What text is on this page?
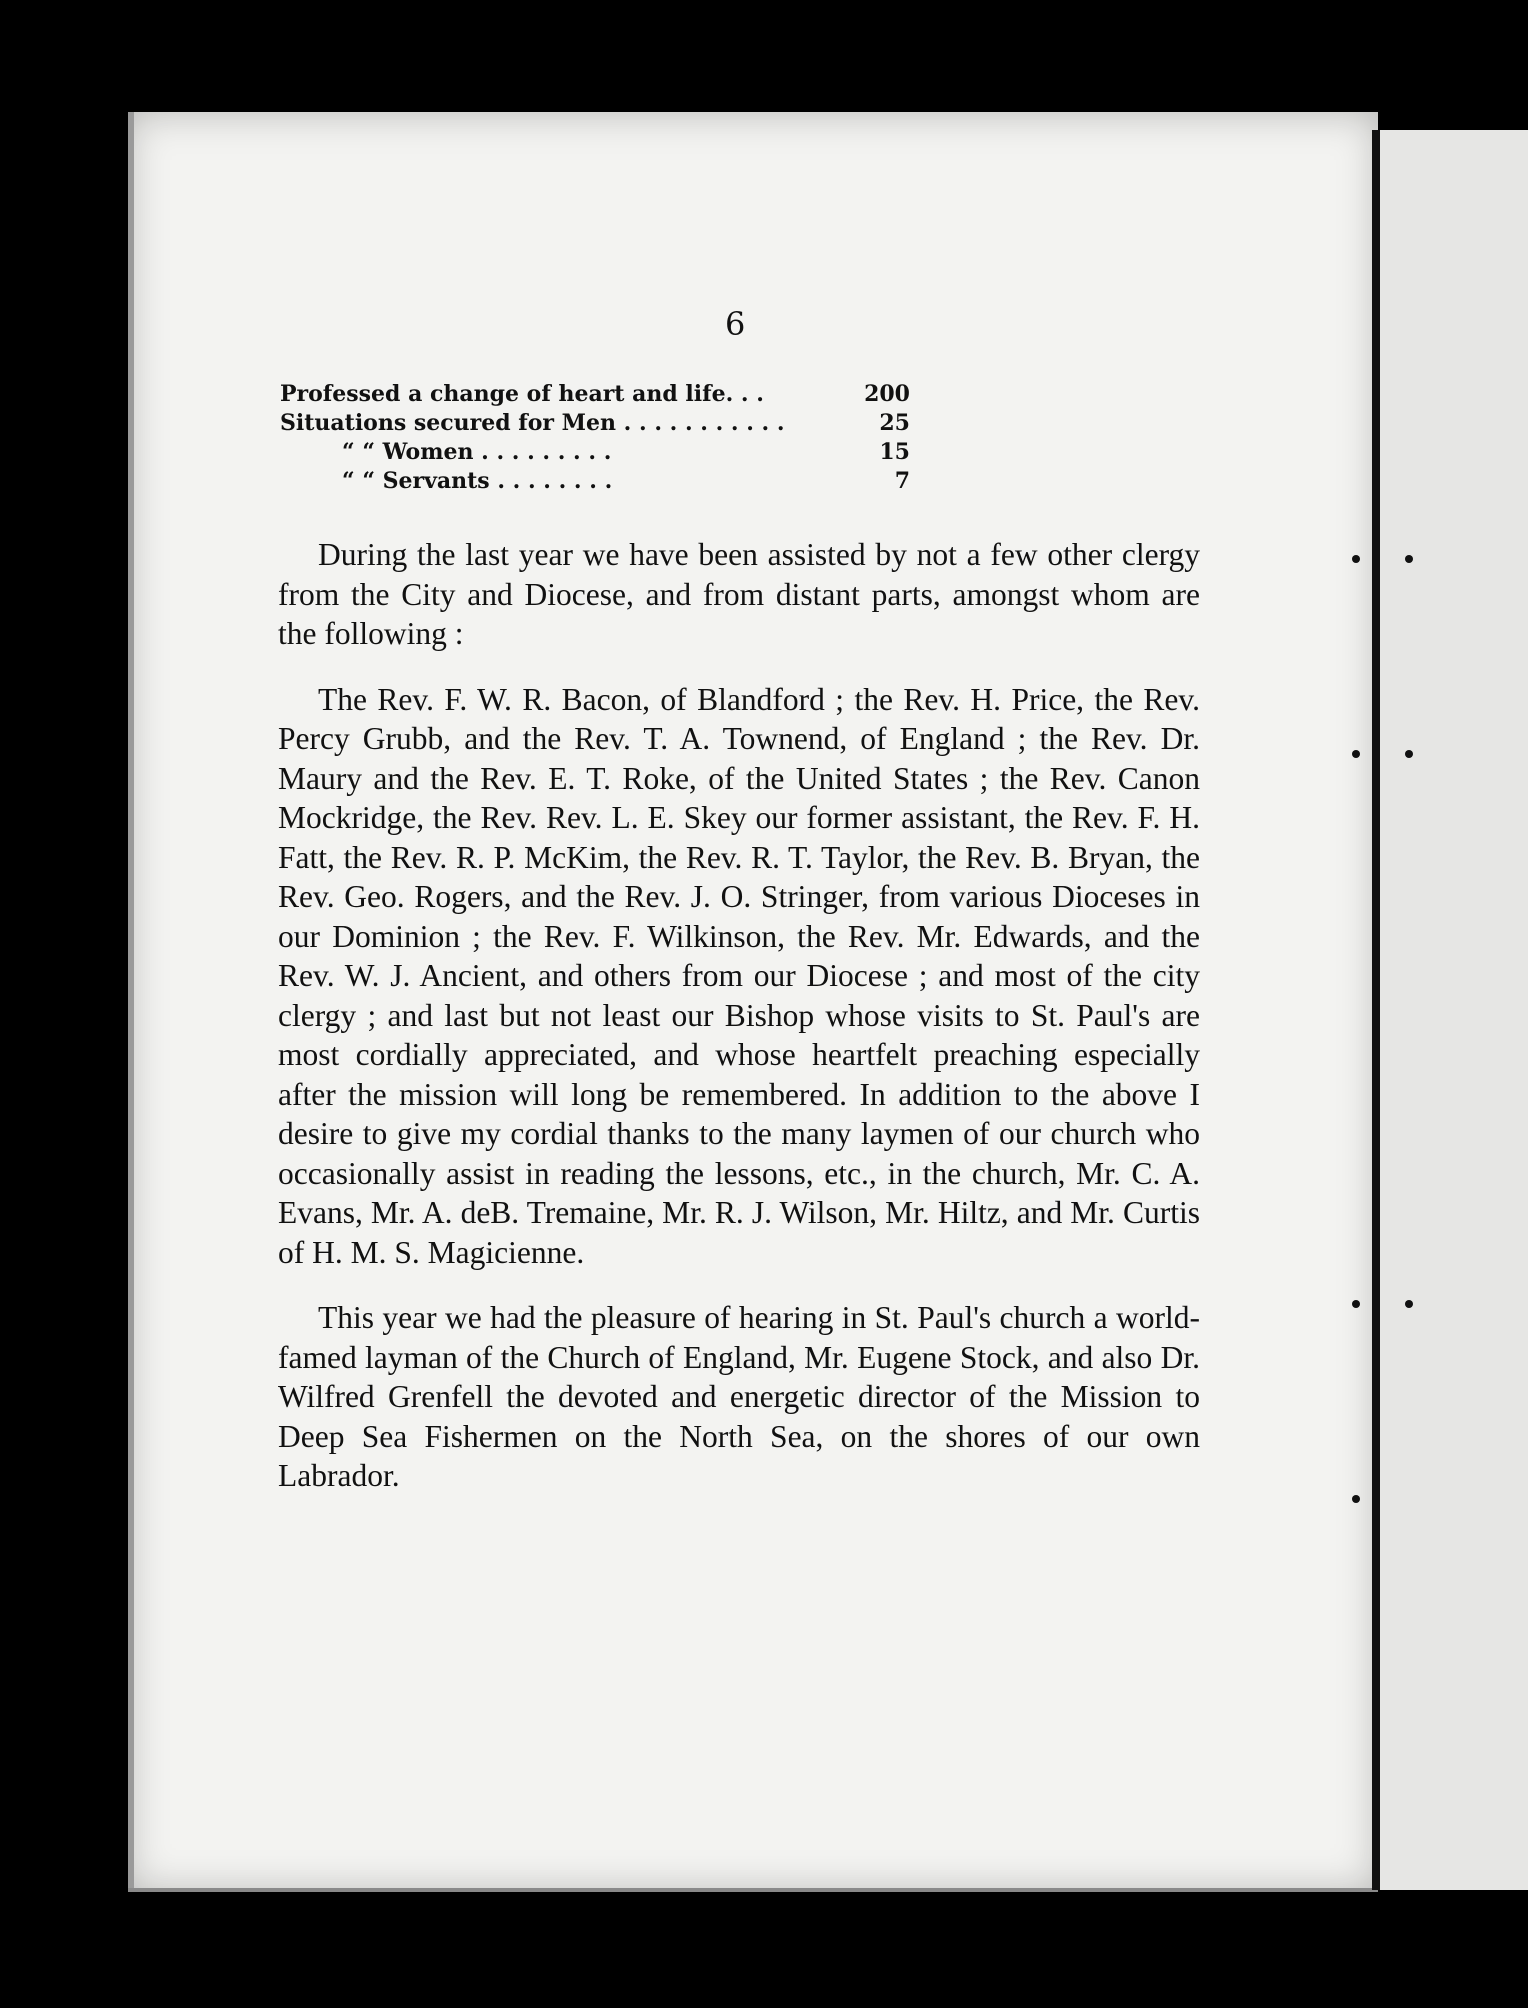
6
Professed a change of heart and life. . .	200
Situations secured for Men . . . . . . . . . . .	25
“ “ Women . . . . . . . . .	15
“ “ Servants . . . . . . . .	7

During the last year we have been assisted by not a few other clergy from the City and Diocese, and from distant parts, amongst whom are the following :

The Rev. F. W. R. Bacon, of Blandford ; the Rev. H. Price, the Rev. Percy Grubb, and the Rev. T. A. Townend, of England ; the Rev. Dr. Maury and the Rev. E. T. Roke, of the United States ; the Rev. Canon Mockridge, the Rev. Rev. L. E. Skey our former assistant, the Rev. F. H. Fatt, the Rev. R. P. McKim, the Rev. R. T. Taylor, the Rev. B. Bryan, the Rev. Geo. Rogers, and the Rev. J. O. Stringer, from various Dioceses in our Dominion ; the Rev. F. Wilkinson, the Rev. Mr. Edwards, and the Rev. W. J. Ancient, and others from our Diocese ; and most of the city clergy ; and last but not least our Bishop whose visits to St. Paul's are most cordially appreciated, and whose heartfelt preaching especially after the mission will long be remembered. In addition to the above I desire to give my cordial thanks to the many laymen of our church who occasionally assist in reading the lessons, etc., in the church, Mr. C. A. Evans, Mr. A. deB. Tremaine, Mr. R. J. Wilson, Mr. Hiltz, and Mr. Curtis of H. M. S. Magicienne.

This year we had the pleasure of hearing in St. Paul's church a world-famed layman of the Church of England, Mr. Eugene Stock, and also Dr. Wilfred Grenfell the devoted and energetic director of the Mission to Deep Sea Fishermen on the North Sea, on the shores of our own Labrador.
